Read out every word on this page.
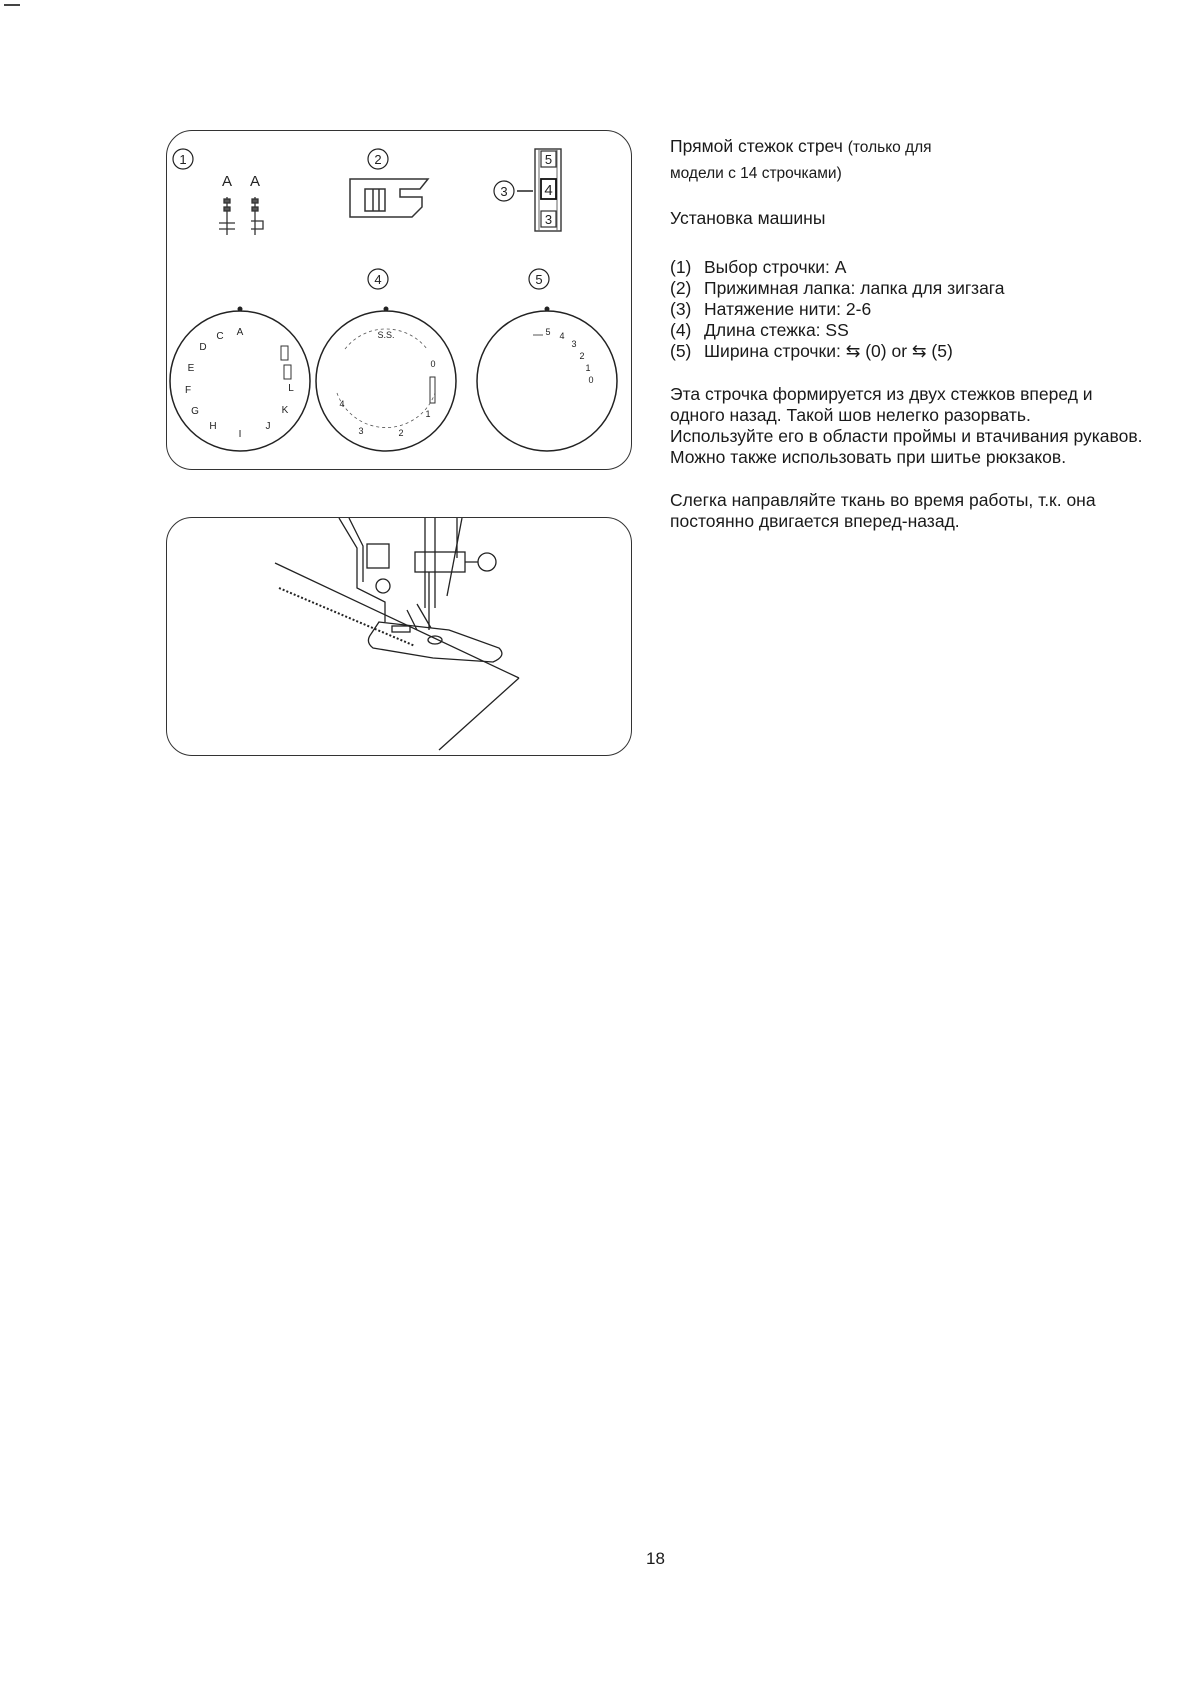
1
A A
2
3
5
4
3
4	5
A
C
D
E
F
G
H
I
J
K
L
S.S.
0
1
2
3
4
5 4
3
2
1
0
Прямой стежок стреч (только для
модели с 14 строчками)
Установка машины
(1) Выбор строчки: А
(2) Прижимная лапка: лапка для зигзага
(3) Натяжение нити: 2-6
(4) Длина стежка: SS
(5) Ширина строчки: ⇆ (0) or ⇆ (5)

Эта строчка формируется из двух стежков вперед и одного назад. Такой шов нелегко разорвать.

Используйте его в области проймы и втачивания рукавов.

Можно также использовать при шитье рюкзаков.

Слегка направляйте ткань во время работы, т.к. она постоянно двигается вперед-назад.

18
